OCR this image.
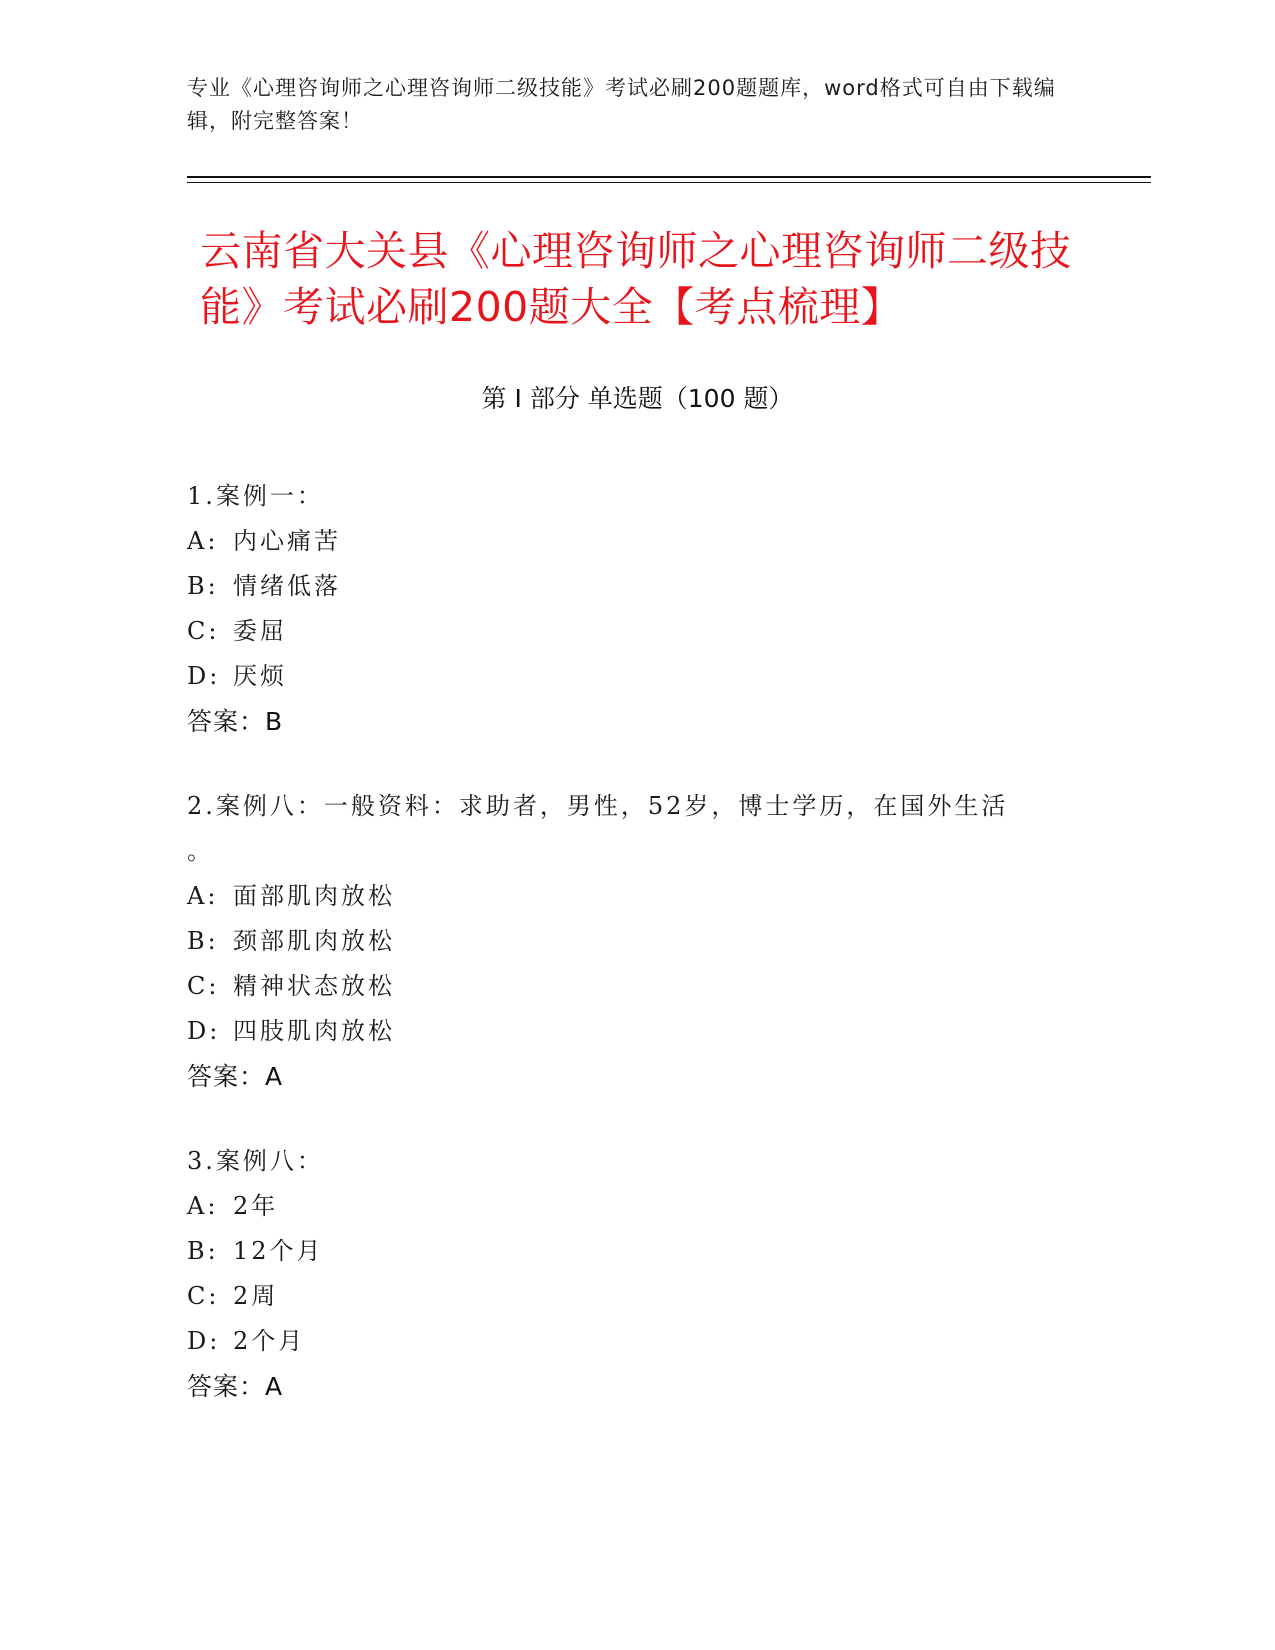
专业《心理咨询师之心理咨询师二级技能》考试必刷200题题库，word格式可自由下载编辑，附完整答案！
云南省大关县《心理咨询师之心理咨询师二级技能》考试必刷200题大全【考点梳理】
第 I 部分 单选题（100 题）
1.案例一：
A: 内心痛苦
B: 情绪低落
C: 委屈
D: 厌烦
答案：B
2.案例八：一般资料：求助者，男性，52岁，博士学历，在国外生活
。
A: 面部肌肉放松
B: 颈部肌肉放松
C: 精神状态放松
D: 四肢肌肉放松
答案：A
3.案例八：
A: 2年
B: 12个月
C: 2周
D: 2个月
答案：A
